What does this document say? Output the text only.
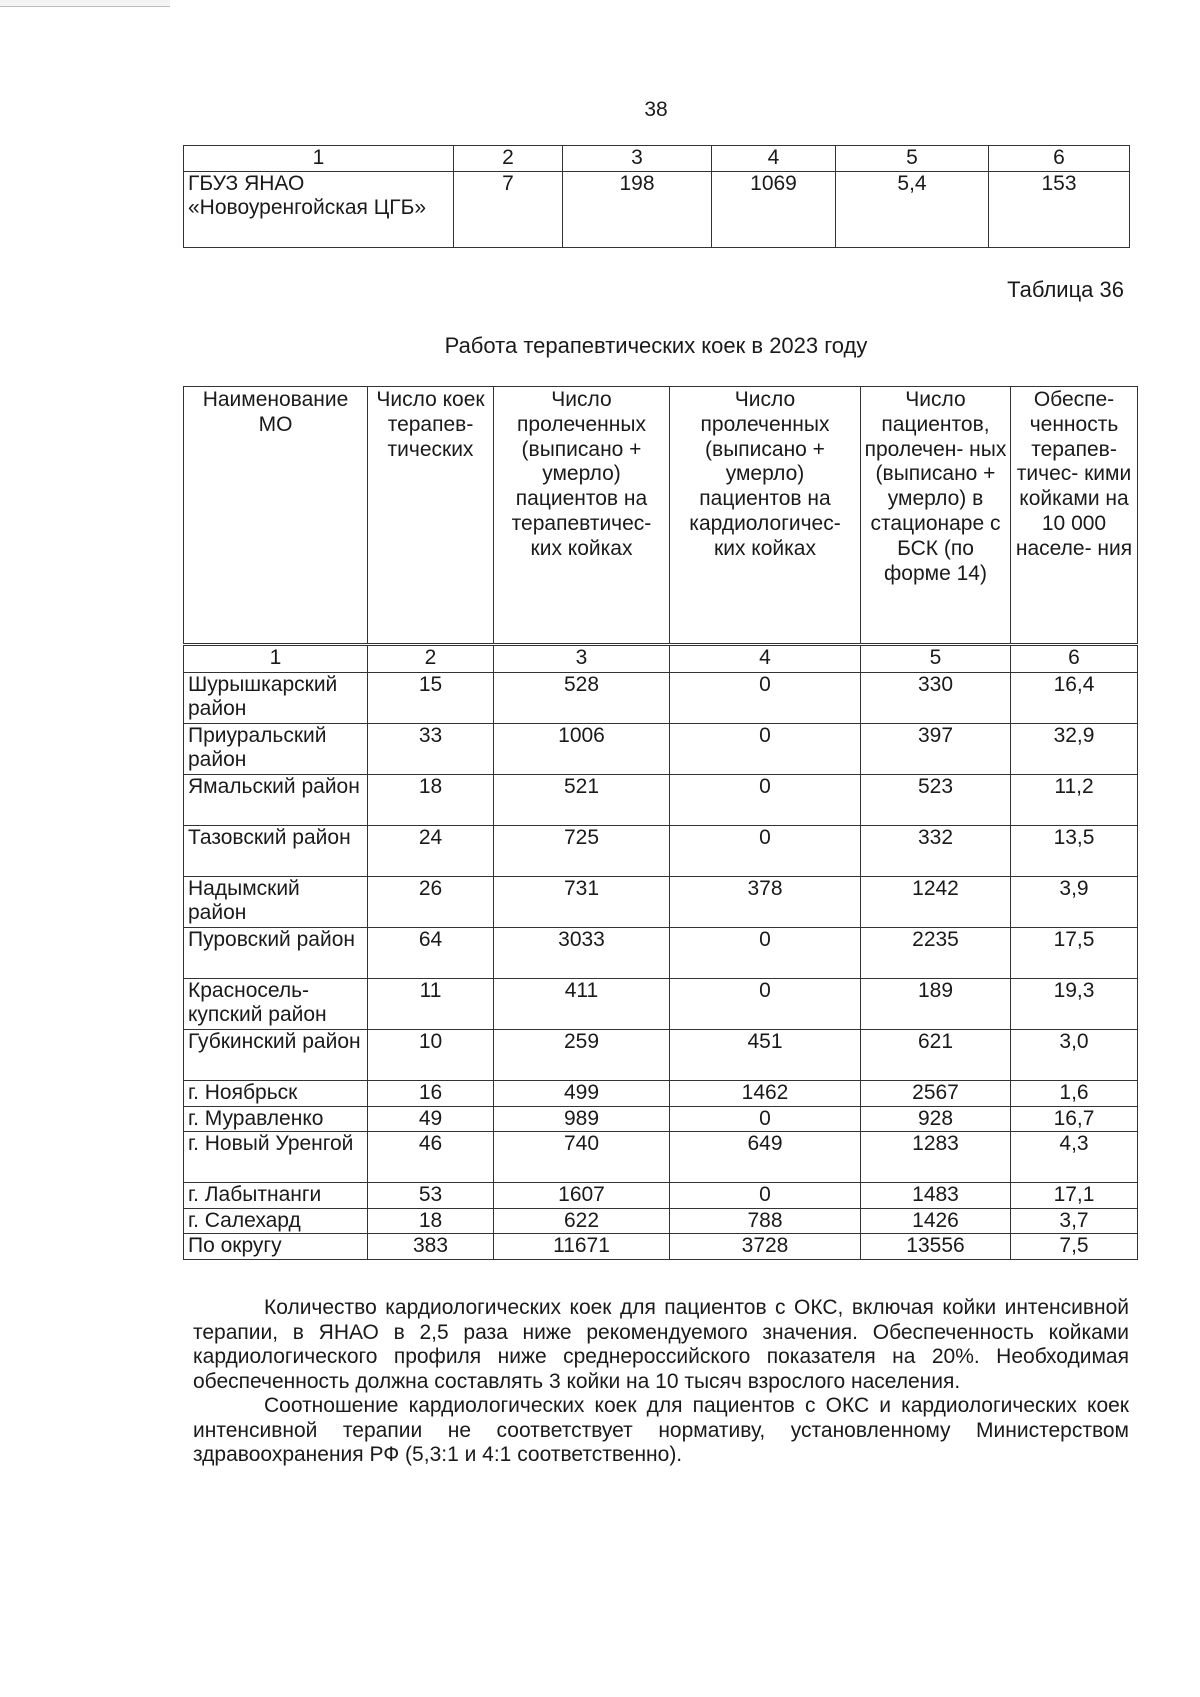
38
1	2	3	4	5	6
ГБУЗ ЯНАО «Новоуренгойская ЦГБ»	7	198	1069	5,4	153
Таблица 36
Работа терапевтических коек в 2023 году
Наименование МО	Число коек терапев- тических	Число пролеченных (выписано + умерло) пациентов на терапевтичес- ких койках	Число пролеченных (выписано + умерло) пациентов на кардиологичес- ких койках	Число пациентов, пролечен- ных (выписано + умерло) в стационаре с БСК (по форме 14)	Обеспе- ченность терапев- тичес- кими койками на 10 000 населе- ния
1	2	3	4	5	6
Шурышкарский район	15	528	0	330	16,4
Приуральский район	33	1006	0	397	32,9
Ямальский район	18	521	0	523	11,2
Тазовский район	24	725	0	332	13,5
Надымский район	26	731	378	1242	3,9
Пуровский район	64	3033	0	2235	17,5
Красносель- купский район	11	411	0	189	19,3
Губкинский район	10	259	451	621	3,0
г. Ноябрьск	16	499	1462	2567	1,6
г. Муравленко	49	989	0	928	16,7
г. Новый Уренгой	46	740	649	1283	4,3
г. Лабытнанги	53	1607	0	1483	17,1
г. Салехард	18	622	788	1426	3,7
По округу	383	11671	3728	13556	7,5

Количество кардиологических коек для пациентов с ОКС, включая койки интенсивной терапии, в ЯНАО в 2,5 раза ниже рекомендуемого значения. Обеспеченность койками кардиологического профиля ниже среднероссийского показателя на 20%. Необходимая обеспеченность должна составлять 3 койки на 10 тысяч взрослого населения.

Соотношение кардиологических коек для пациентов с ОКС и кардиологических коек интенсивной терапии не соответствует нормативу, установленному Министерством здравоохранения РФ (5,3:1 и 4:1 соответственно).
